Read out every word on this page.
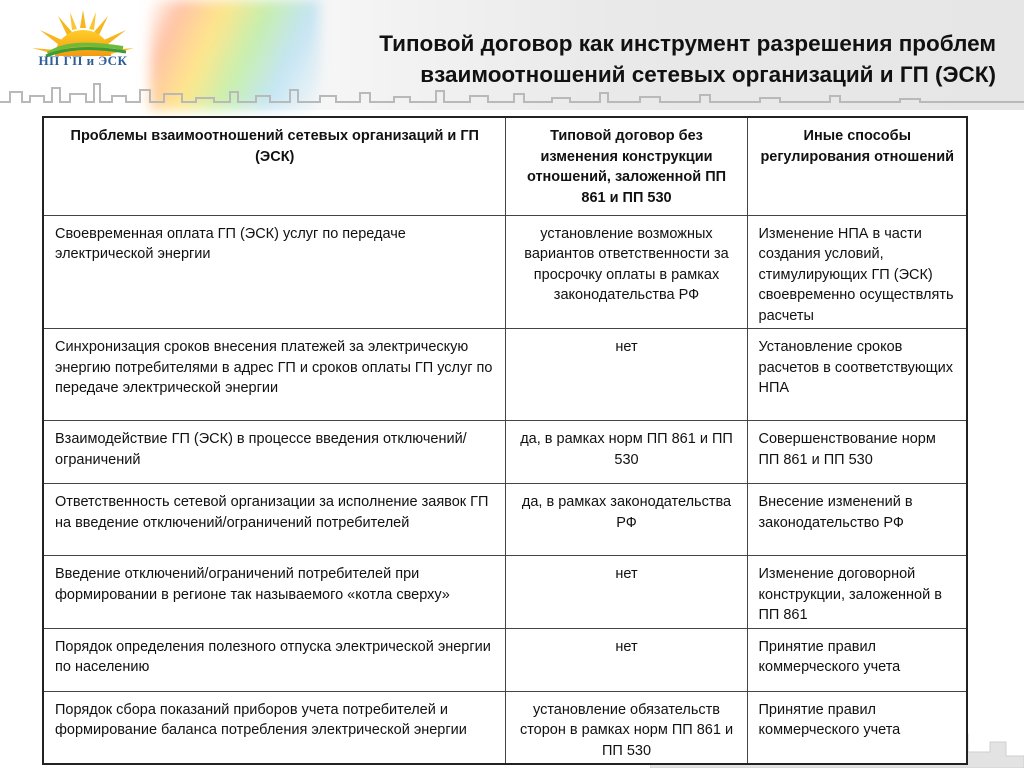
НП ГП и ЭСК
Типовой договор как инструмент разрешения проблем
взаимоотношений сетевых организаций и ГП (ЭСК)
Проблемы взаимоотношений сетевых организаций и ГП (ЭСК)	Типовой договор без изменения конструкции отношений, заложенной ПП 861 и ПП 530	Иные способы регулирования отношений
Своевременная оплата ГП (ЭСК) услуг по передаче электрической энергии	установление возможных вариантов ответственности за просрочку оплаты в рамках законодательства РФ	Изменение НПА в части создания условий, стимулирующих ГП (ЭСК) своевременно осуществлять расчеты
Синхронизация сроков внесения платежей за электрическую энергию потребителями в адрес ГП и сроков оплаты ГП услуг по передаче электрической энергии	нет	Установление сроков расчетов в соответствующих НПА
Взаимодействие ГП (ЭСК) в процессе введения отключений/ограничений	да, в рамках норм ПП 861 и ПП 530	Совершенствование норм ПП 861 и ПП 530
Ответственность сетевой организации за исполнение заявок ГП на введение отключений/ограничений потребителей	да, в рамках законодательства РФ	Внесение изменений в законодательство РФ
Введение отключений/ограничений потребителей при формировании в регионе так называемого «котла сверху»	нет	Изменение договорной конструкции, заложенной в ПП 861
Порядок определения полезного отпуска электрической энергии по населению	нет	Принятие правил коммерческого учета
Порядок сбора показаний приборов учета потребителей и формирование баланса потребления электрической энергии	установление обязательств сторон в рамках норм ПП 861 и ПП 530	Принятие правил коммерческого учета
